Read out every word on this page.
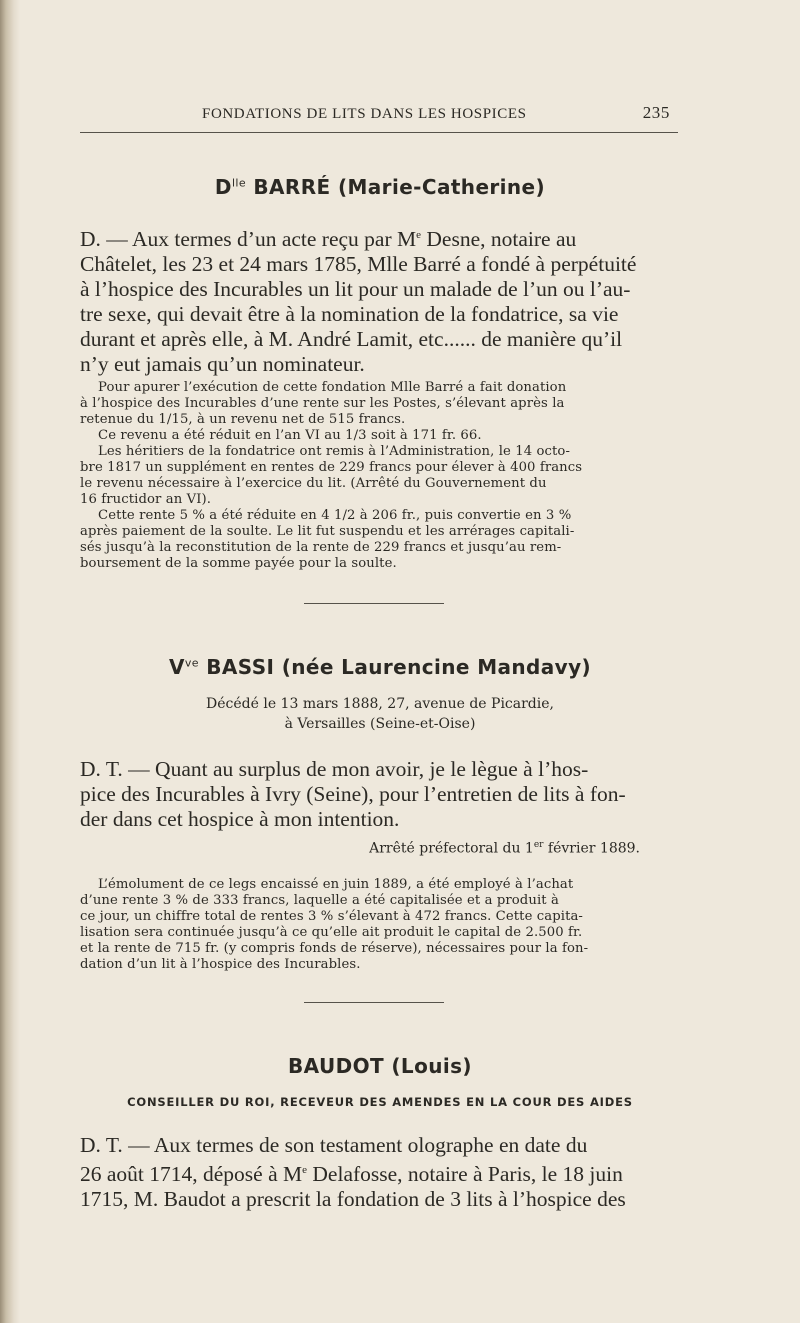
FONDATIONS DE LITS DANS LES HOSPICES	235
$D^{lle}$ BARRÉ (Marie-Catherine)
D. — Aux termes d’un acte reçu par Me Desne, notaire au
Châtelet, les 23 et 24 mars 1785, Mlle Barré a fondé à perpétuité
à l’hospice des Incurables un lit pour un malade de l’un ou l’au-
tre sexe, qui devait être à la nomination de la fondatrice, sa vie
durant et après elle, à M. André Lamit, etc...... de manière qu’il
n’y eut jamais qu’un nominateur.
Pour apurer l’exécution de cette fondation Mlle Barré a fait donation
à l’hospice des Incurables d’une rente sur les Postes, s’élevant après la
retenue du 1/15, à un revenu net de 515 francs.
Ce revenu a été réduit en l’an VI au 1/3 soit à 171 fr. 66.
Les héritiers de la fondatrice ont remis à l’Administration, le 14 octo-
bre 1817 un supplément en rentes de 229 francs pour élever à 400 francs
le revenu nécessaire à l’exercice du lit. (Arrêté du Gouvernement du
16 fructidor an VI).
Cette rente 5 % a été réduite en 4 1/2 à 206 fr., puis convertie en 3 %
après paiement de la soulte. Le lit fut suspendu et les arrérages capitali-
sés jusqu’à la reconstitution de la rente de 229 francs et jusqu’au rem-
boursement de la somme payée pour la soulte.
$V^{ve}$ BASSI (née Laurencine Mandavy)
Décédé le 13 mars 1888, 27, avenue de Picardie,
à Versailles (Seine-et-Oise)
D. T. — Quant au surplus de mon avoir, je le lègue à l’hos-
pice des Incurables à Ivry (Seine), pour l’entretien de lits à fon-
der dans cet hospice à mon intention.
Arrêté préfectoral du 1er février 1889.
L’émolument de ce legs encaissé en juin 1889, a été employé à l’achat
d’une rente 3 % de 333 francs, laquelle a été capitalisée et a produit à
ce jour, un chiffre total de rentes 3 % s’élevant à 472 francs. Cette capita-
lisation sera continuée jusqu’à ce qu’elle ait produit le capital de 2.500 fr.
et la rente de 715 fr. (y compris fonds de réserve), nécessaires pour la fon-
dation d’un lit à l’hospice des Incurables.
BAUDOT (Louis)
CONSEILLER DU ROI, RECEVEUR DES AMENDES EN LA COUR DES AIDES
D. T. — Aux termes de son testament olographe en date du
26 août 1714, déposé à Me Delafosse, notaire à Paris, le 18 juin
1715, M. Baudot a prescrit la fondation de 3 lits à l’hospice des
